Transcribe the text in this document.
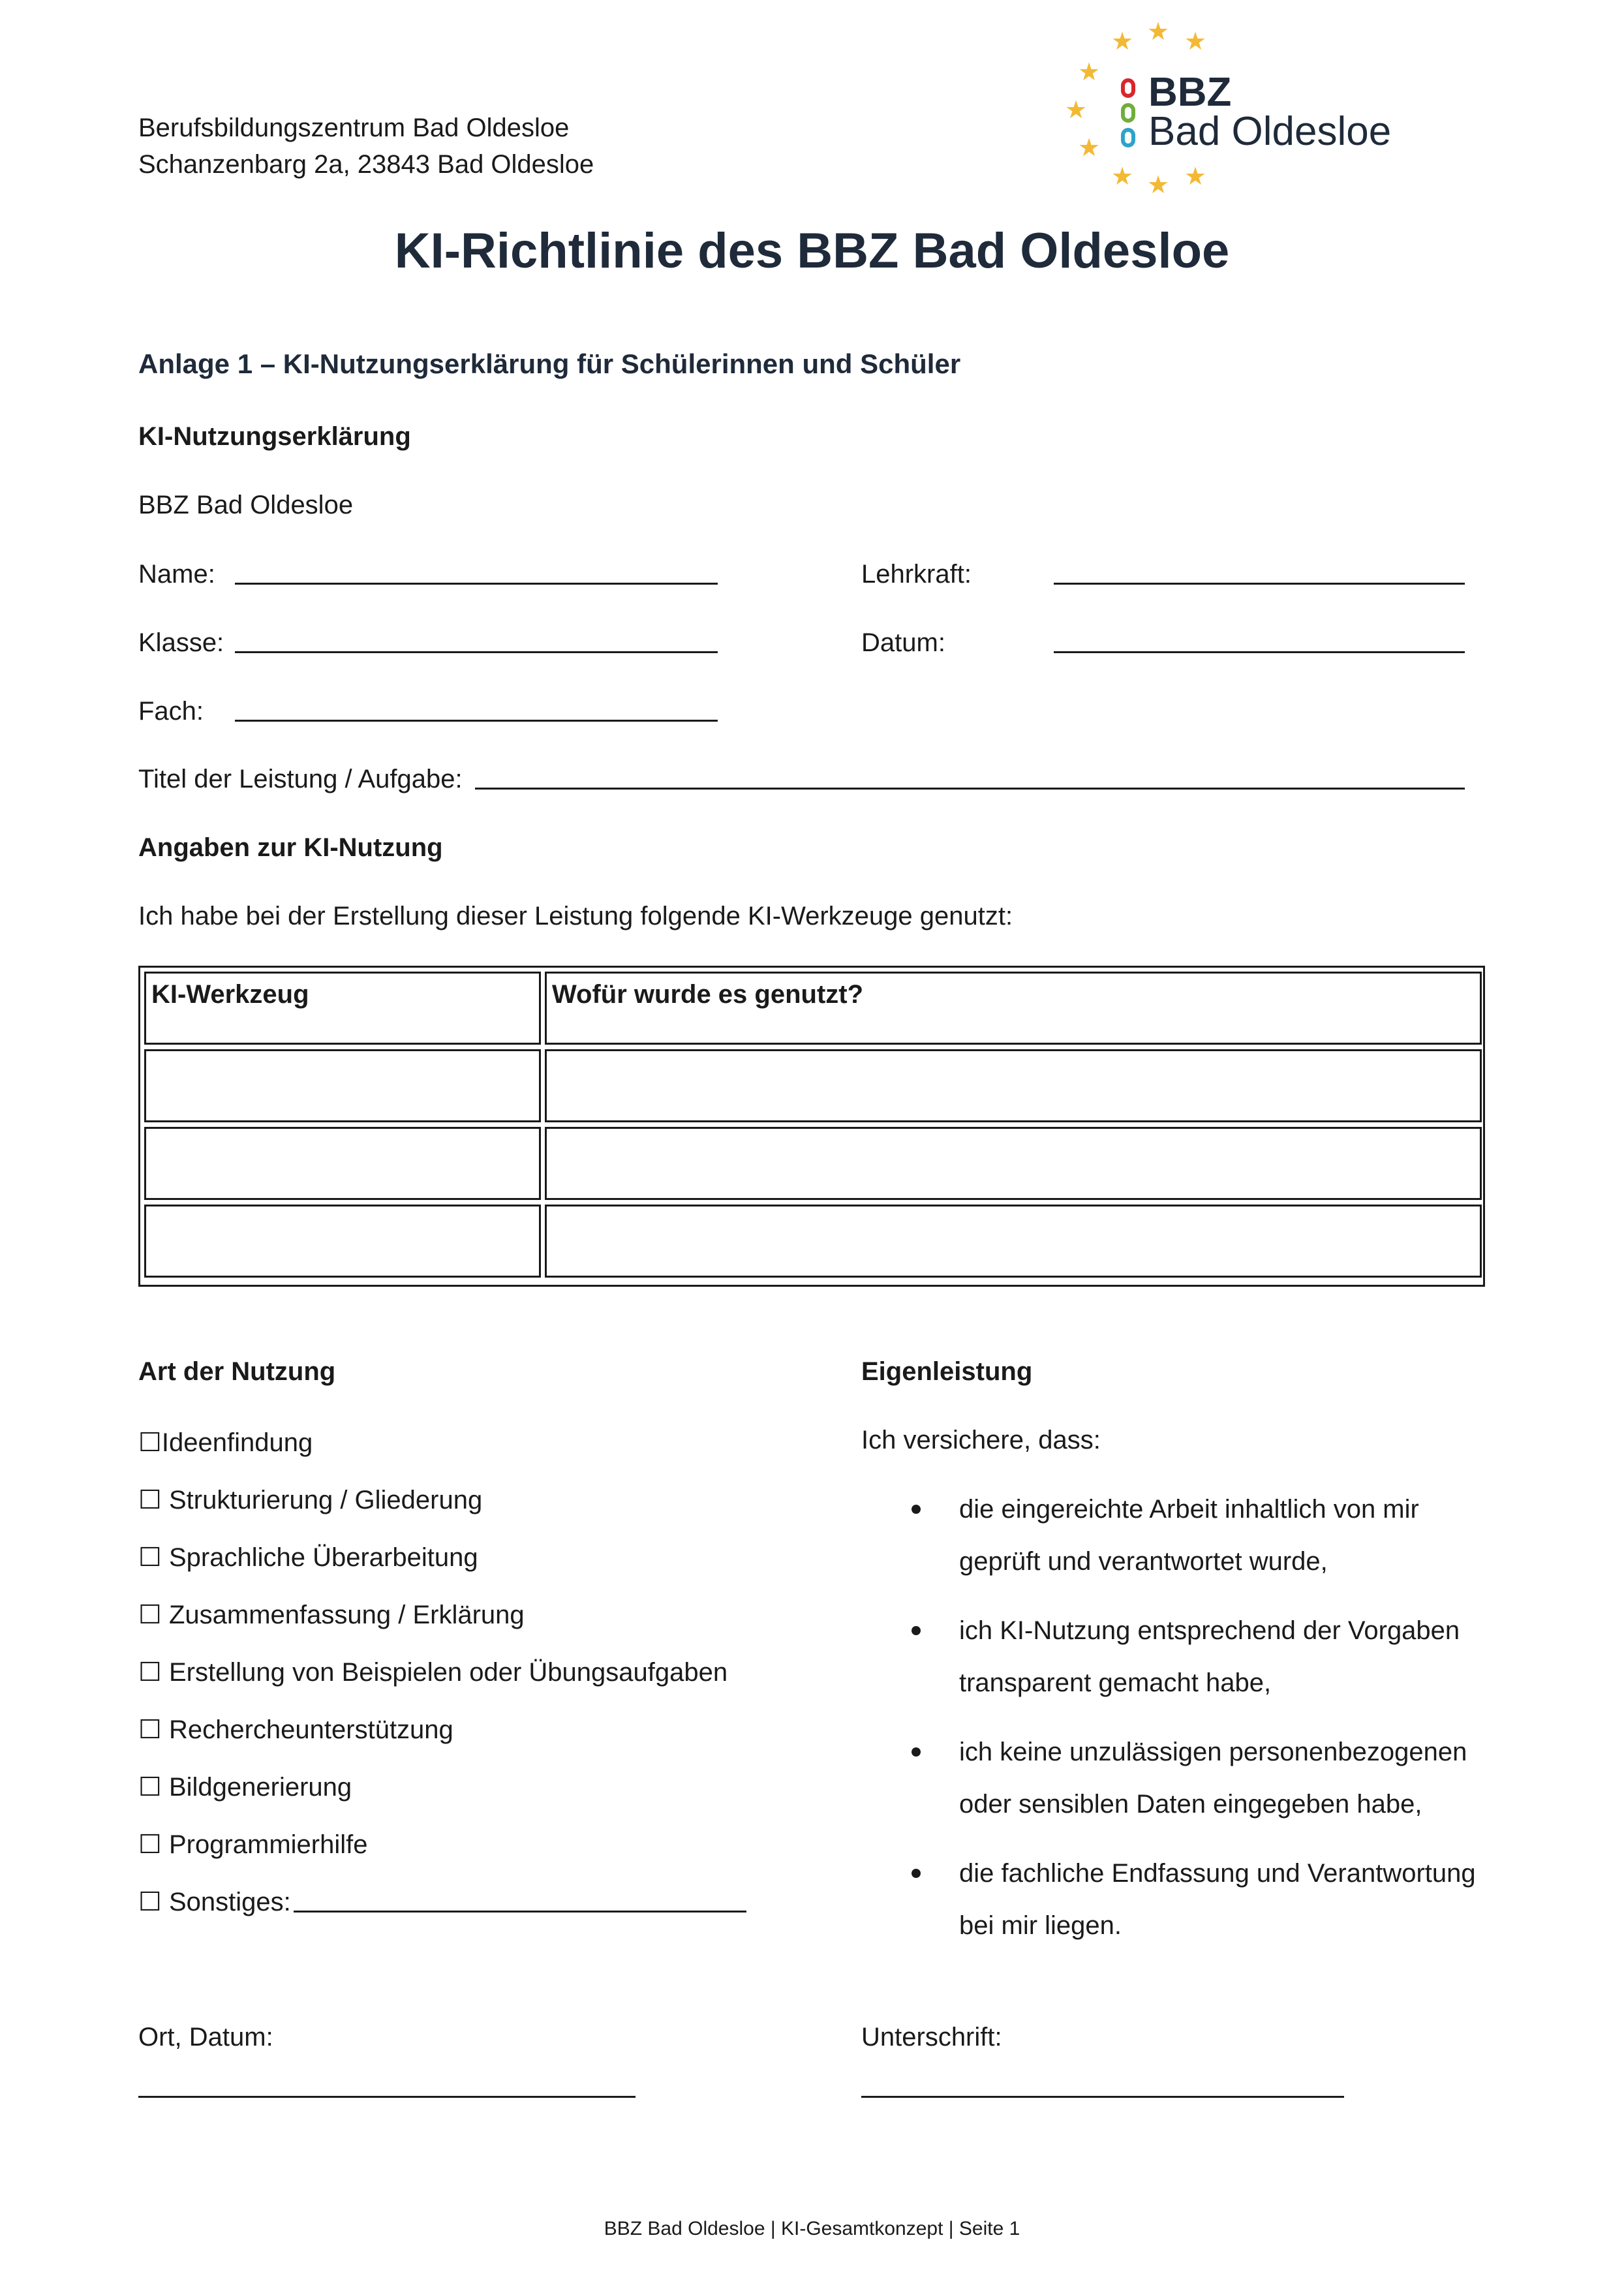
Berufsbildungszentrum Bad Oldesloe
Schanzenbarg 2a, 23843 Bad Oldesloe
★ ★ ★
★
★
★
★ ★ ★
BBZ
Bad Oldesloe
KI-Richtlinie des BBZ Bad Oldesloe
Anlage 1 – KI-Nutzungserklärung für Schülerinnen und Schüler
KI-Nutzungserklärung
BBZ Bad Oldesloe
Name:	Lehrkraft:
Klasse:	Datum:
Fach:
Titel der Leistung / Aufgabe:
Angaben zur KI-Nutzung
Ich habe bei der Erstellung dieser Leistung folgende KI-Werkzeuge genutzt:
KI-Werkzeug	Wofür wurde es genutzt?
Art der Nutzung
☐Ideenfindung
☐ Strukturierung / Gliederung
☐ Sprachliche Überarbeitung
☐ Zusammenfassung / Erklärung
☐ Erstellung von Beispielen oder Übungsaufgaben
☐ Rechercheunterstützung
☐ Bildgenerierung
☐ Programmierhilfe
☐ Sonstiges:
Eigenleistung
Ich versichere, dass:
die eingereichte Arbeit inhaltlich von mir
geprüft und verantwortet wurde,
ich KI-Nutzung entsprechend der Vorgaben
transparent gemacht habe,
ich keine unzulässigen personenbezogenen
oder sensiblen Daten eingegeben habe,
die fachliche Endfassung und Verantwortung
bei mir liegen.
Ort, Datum:	Unterschrift:
BBZ Bad Oldesloe | KI-Gesamtkonzept | Seite 1
